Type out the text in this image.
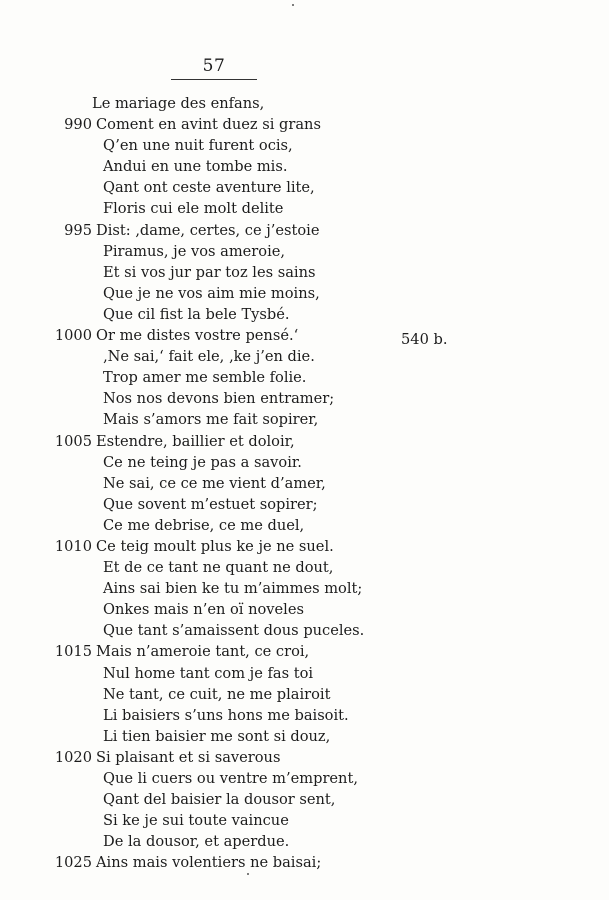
57
Le mariage des enfans,
990 Coment en avint duez si grans
Q’en une nuit furent ocis,
Andui en une tombe mis.
Qant ont ceste aventure lite,
Floris cui ele molt delite
995 Dist: ‚dame, certes, ce j’estoie
Piramus, je vos ameroie,
Et si vos jur par toz les sains
Que je ne vos aim mie moins,
Que cil fist la bele Tysbé.
1000 Or me distes vostre pensé.‘
‚Ne sai,‘ fait ele, ‚ke j’en die.
Trop amer me semble folie.
Nos nos devons bien entramer;
Mais s’amors me fait sopirer,
1005 Estendre, baillier et doloir,
Ce ne teing je pas a savoir.
Ne sai, ce ce me vient d’amer,
Que sovent m’estuet sopirer;
Ce me debrise, ce me duel,
1010 Ce teig moult plus ke je ne suel.
Et de ce tant ne quant ne dout,
Ains sai bien ke tu m’aimmes molt;
Onkes mais n’en oï noveles
Que tant s’amaissent dous puceles.
1015 Mais n’ameroie tant, ce croi,
Nul home tant com je fas toi
Ne tant, ce cuit, ne me plairoit
Li baisiers s’uns hons me baisoit.
Li tien baisier me sont si douz,
1020 Si plaisant et si saverous
Que li cuers ou ventre m’emprent,
Qant del baisier la dousor sent,
Si ke je sui toute vaincue
De la dousor, et aperdue.
1025 Ains mais volentiers ne baisai;
540 b.
